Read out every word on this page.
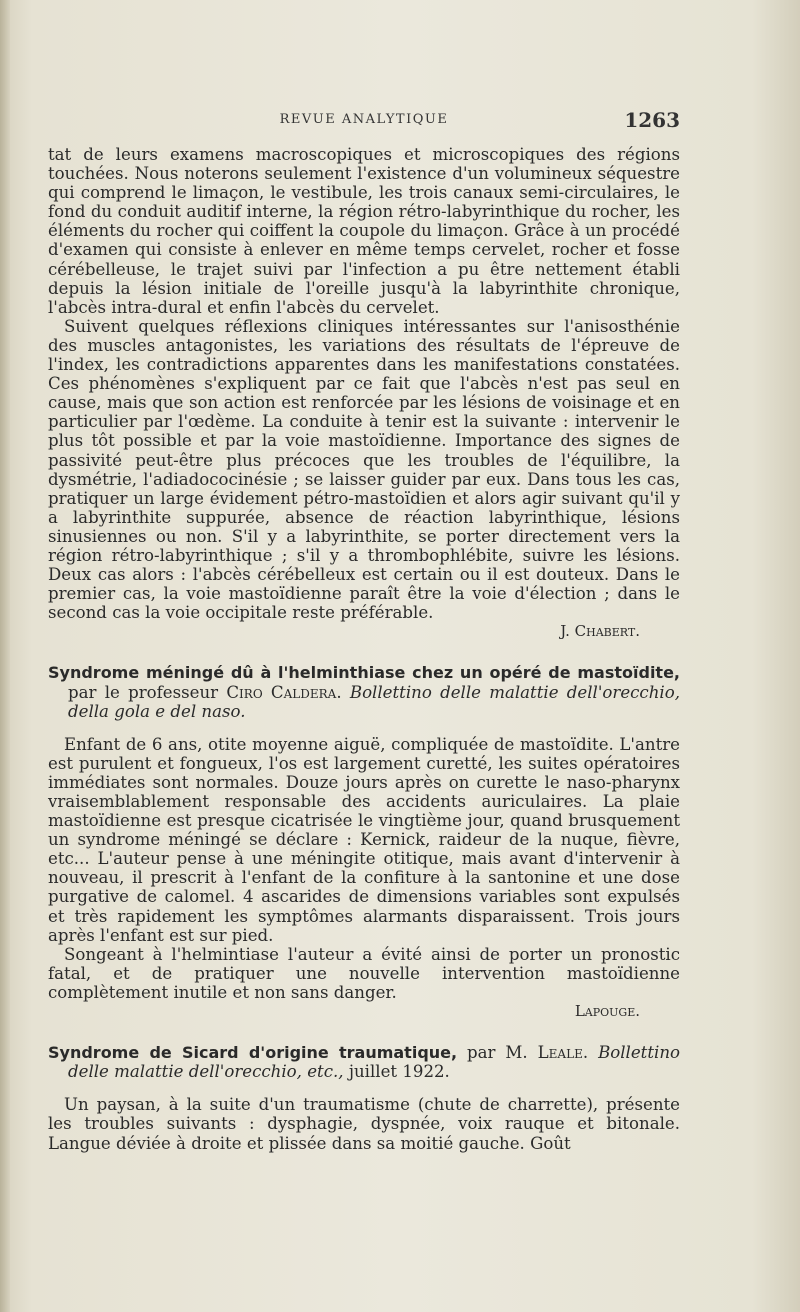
REVUE ANALYTIQUE	1263

tat de leurs examens macroscopiques et microscopiques des régions touchées. Nous noterons seulement l'existence d'un volumineux séquestre qui comprend le limaçon, le vestibule, les trois canaux semi-circulaires, le fond du conduit auditif interne, la région rétro-labyrinthique du rocher, les éléments du rocher qui coiffent la coupole du limaçon. Grâce à un procédé d'examen qui consiste à enlever en même temps cervelet, rocher et fosse cérébelleuse, le trajet suivi par l'infection a pu être nettement établi depuis la lésion initiale de l'oreille jusqu'à la labyrinthite chronique, l'abcès intra-dural et enfin l'abcès du cervelet.

Suivent quelques réflexions cliniques intéressantes sur l'anisosthénie des muscles antagonistes, les variations des résultats de l'épreuve de l'index, les contradictions apparentes dans les manifestations constatées. Ces phénomènes s'expliquent par ce fait que l'abcès n'est pas seul en cause, mais que son action est renforcée par les lésions de voisinage et en particulier par l'œdème. La conduite à tenir est la suivante : intervenir le plus tôt possible et par la voie mastoïdienne. Importance des signes de passivité peut-être plus précoces que les troubles de l'équilibre, la dysmétrie, l'adiadococinésie ; se laisser guider par eux. Dans tous les cas, pratiquer un large évidement pétro-mastoïdien et alors agir suivant qu'il y a labyrinthite suppurée, absence de réaction labyrinthique, lésions sinusiennes ou non. S'il y a labyrinthite, se porter directement vers la région rétro-labyrinthique ; s'il y a thrombophlébite, suivre les lésions. Deux cas alors : l'abcès cérébelleux est certain ou il est douteux. Dans le premier cas, la voie mastoïdienne paraît être la voie d'élection ; dans le second cas la voie occipitale reste préférable.

J. Chabert.

Syndrome méningé dû à l'helminthiase chez un opéré de mastoïdite, par le professeur Ciro Caldera. Bollettino delle malattie dell'orecchio, della gola e del naso.

Enfant de 6 ans, otite moyenne aiguë, compliquée de mastoïdite. L'antre est purulent et fongueux, l'os est largement curetté, les suites opératoires immédiates sont normales. Douze jours après on curette le naso-pharynx vraisemblablement responsable des accidents auriculaires. La plaie mastoïdienne est presque cicatrisée le vingtième jour, quand brusquement un syndrome méningé se déclare : Kernick, raideur de la nuque, fièvre, etc... L'auteur pense à une méningite otitique, mais avant d'intervenir à nouveau, il prescrit à l'enfant de la confiture à la santonine et une dose purgative de calomel. 4 ascarides de dimensions variables sont expulsés et très rapidement les symptômes alarmants disparaissent. Trois jours après l'enfant est sur pied.

Songeant à l'helmintiase l'auteur a évité ainsi de porter un pronostic fatal, et de pratiquer une nouvelle intervention mastoïdienne complètement inutile et non sans danger.

Lapouge.

Syndrome de Sicard d'origine traumatique, par M. Leale. Bollettino delle malattie dell'orecchio, etc., juillet 1922.

Un paysan, à la suite d'un traumatisme (chute de charrette), présente les troubles suivants : dysphagie, dyspnée, voix rauque et bitonale. Langue déviée à droite et plissée dans sa moitié gauche. Goût
